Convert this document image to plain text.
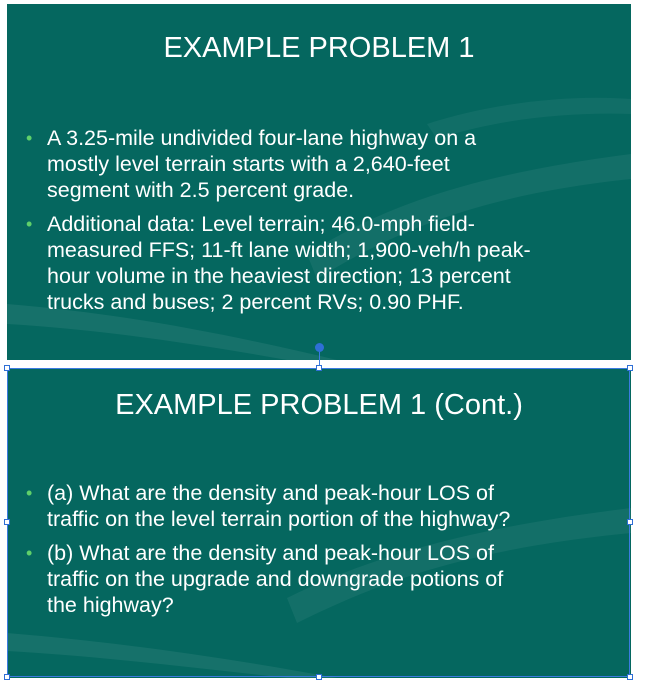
EXAMPLE PROBLEM 1
• A 3.25-mile undivided four-lane highway on a
mostly level terrain starts with a 2,640-feet
segment with 2.5 percent grade.
• Additional data: Level terrain; 46.0-mph field-
measured FFS; 11-ft lane width; 1,900-veh/h peak-
hour volume in the heaviest direction; 13 percent
trucks and buses; 2 percent RVs; 0.90 PHF.
EXAMPLE PROBLEM 1 (Cont.)
• (a) What are the density and peak-hour LOS of
traffic on the level terrain portion of the highway?
• (b) What are the density and peak-hour LOS of
traffic on the upgrade and downgrade potions of
the highway?
